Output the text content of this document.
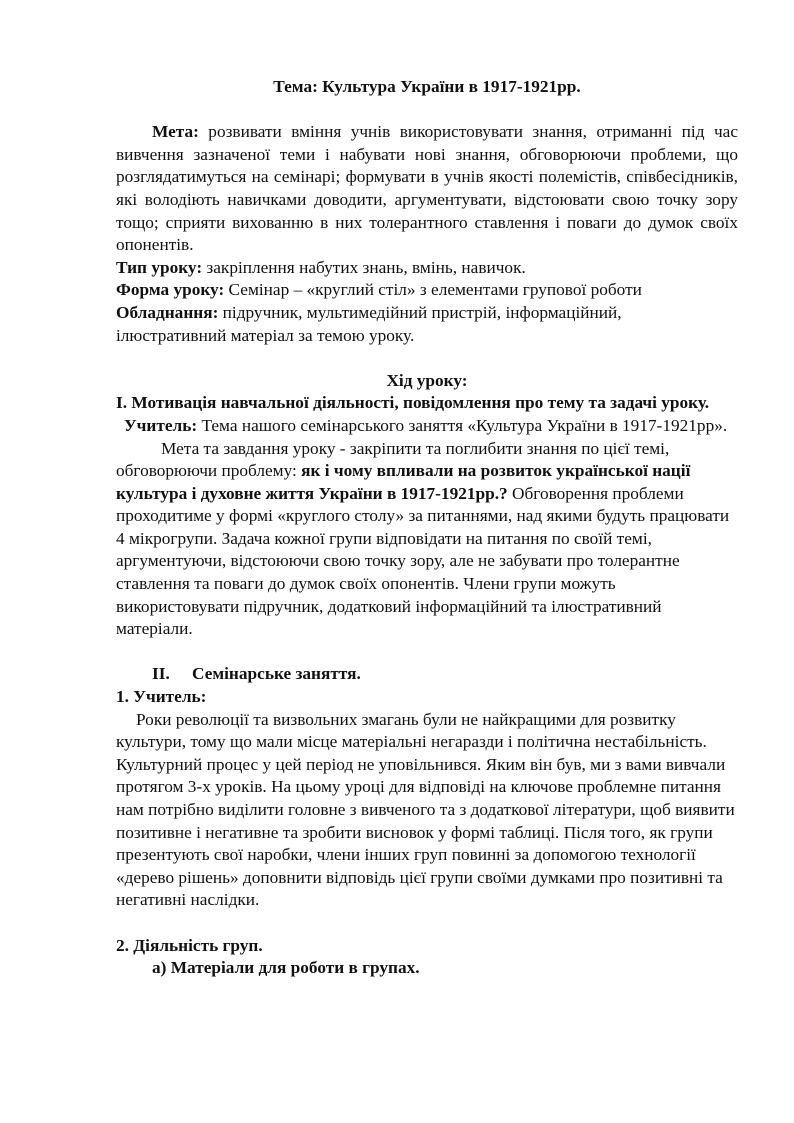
Тема: Культура України в 1917-1921рр.

Мета: розвивати вміння учнів використовувати знання, отриманні під час вивчення зазначеної теми і набувати нові знання, обговорюючи проблеми, що розглядатимуться на семінарі; формувати в учнів якості полемістів, співбесідників, які володіють навичками доводити, аргументувати, відстоювати свою точку зору тощо; сприяти вихованню в них толерантного ставлення і поваги до думок своїх опонентів.

Тип уроку: закріплення набутих знань, вмінь, навичок.

Форма уроку: Семінар – «круглий стіл» з елементами групової роботи

Обладнання: підручник, мультимедійний пристрій, інформаційний,
ілюстративний матеріал за темою уроку.

Хід уроку:

I. Мотивація навчальної діяльності, повідомлення про тему та задачі уроку.

Учитель: Тема нашого семінарського заняття «Культура України в 1917-1921рр».

Мета та завдання уроку - закріпити та поглибити знання по цієї темі, обговорюючи проблему: як і чому впливали на розвиток української нації культура і духовне життя України в 1917-1921рр.? Обговорення проблеми проходитиме у формі «круглого столу» за питаннями, над якими будуть працювати 4 мікрогрупи. Задача кожної групи відповідати на питання по своїй темі, аргументуючи, відстоюючи свою точку зору, але не забувати про толерантне ставлення та поваги до думок своїх опонентів. Члени групи можуть використовувати підручник, додатковий інформаційний та ілюстративний матеріали.

II. Семінарське заняття.

1. Учитель:

Роки революції та визвольних змагань були не найкращими для розвитку культури, тому що мали місце матеріальні негаразди і політична нестабільність. Культурний процес у цей період не уповільнився. Яким він був, ми з вами вивчали протягом 3-х уроків. На цьому уроці для відповіді на ключове проблемне питання нам потрібно виділити головне з вивченого та з додаткової літератури, щоб виявити позитивне і негативне та зробити висновок у формі таблиці. Після того, як групи презентують свої наробки, члени інших груп повинні за допомогою технології «дерево рішень» доповнити відповідь цієї групи своїми думками про позитивні та негативні наслідки.

2. Діяльність груп.

а) Матеріали для роботи в групах.
